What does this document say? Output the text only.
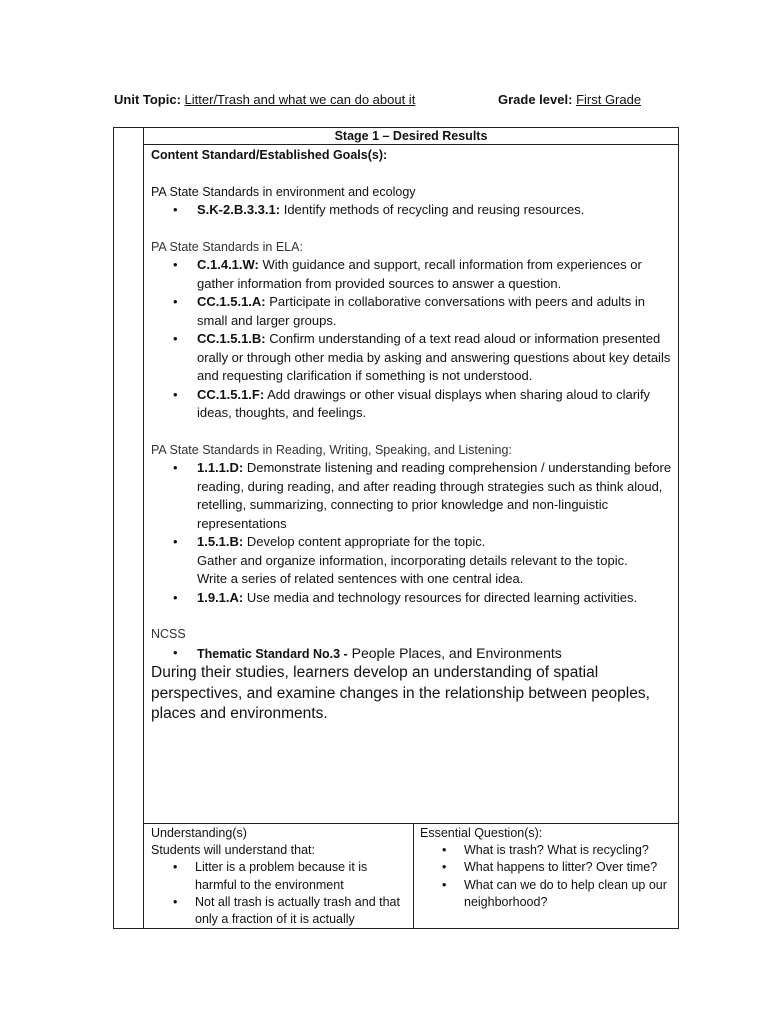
Unit Topic: Litter/Trash and what we can do about it	Grade level: First Grade
Stage 1 – Desired Results
Content Standard/Established Goals(s):
PA State Standards in environment and ecology
• S.K-2.B.3.3.1: Identify methods of recycling and reusing resources.
PA State Standards in ELA:
• C.1.4.1.W: With guidance and support, recall information from experiences or gather information from provided sources to answer a question.
• CC.1.5.1.A: Participate in collaborative conversations with peers and adults in small and larger groups.
• CC.1.5.1.B: Confirm understanding of a text read aloud or information presented orally or through other media by asking and answering questions about key details and requesting clarification if something is not understood.
• CC.1.5.1.F: Add drawings or other visual displays when sharing aloud to clarify ideas, thoughts, and feelings.
PA State Standards in Reading, Writing, Speaking, and Listening:
• 1.1.1.D: Demonstrate listening and reading comprehension / understanding before reading, during reading, and after reading through strategies such as think aloud, retelling, summarizing, connecting to prior knowledge and non-linguistic representations
• 1.5.1.B: Develop content appropriate for the topic.
Gather and organize information, incorporating details relevant to the topic.
Write a series of related sentences with one central idea.
• 1.9.1.A: Use media and technology resources for directed learning activities.
NCSS
• Thematic Standard No.3 - People Places, and Environments
During their studies, learners develop an understanding of spatial perspectives, and examine changes in the relationship between peoples, places and environments.
Understanding(s)
Students will understand that:
• Litter is a problem because it is harmful to the environment
• Not all trash is actually trash and that only a fraction of it is actually
Essential Question(s):
• What is trash? What is recycling?
• What happens to litter? Over time?
• What can we do to help clean up our neighborhood?
